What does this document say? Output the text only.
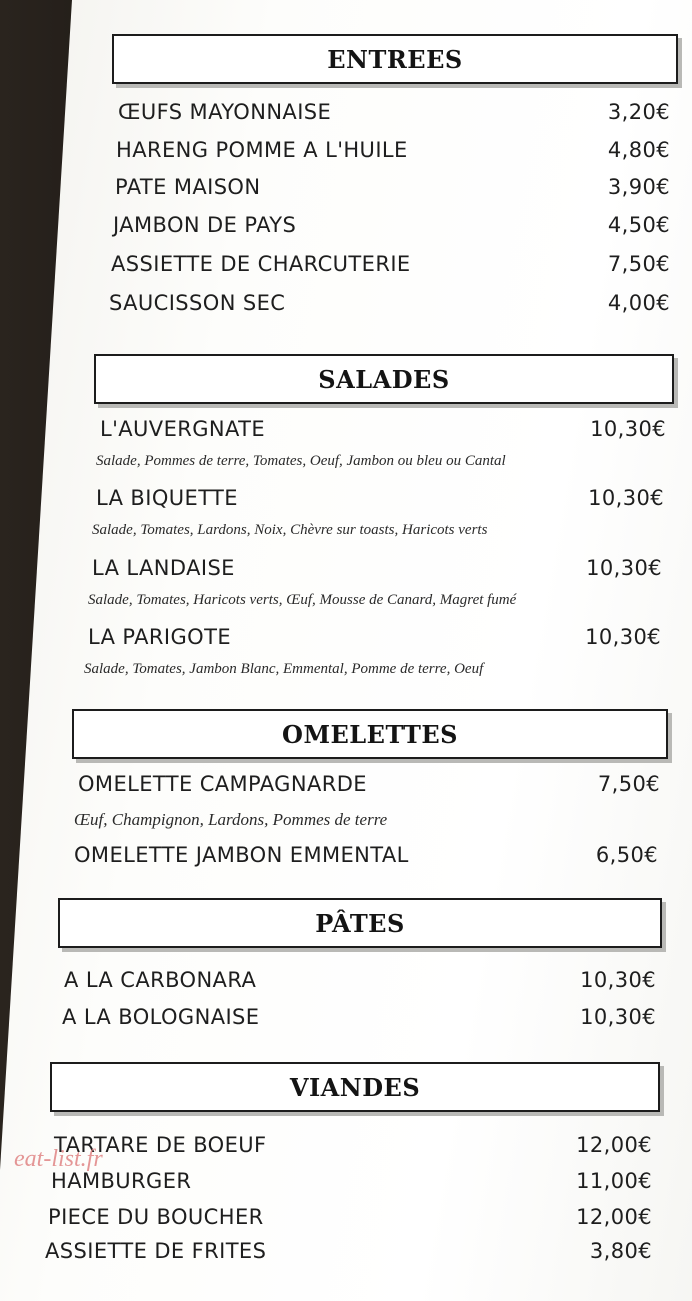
ENTREES
ŒUFS MAYONNAISE	3,20€
HARENG POMME A L'HUILE	4,80€
PATE MAISON	3,90€
JAMBON DE PAYS	4,50€
ASSIETTE DE CHARCUTERIE	7,50€
SAUCISSON SEC	4,00€
SALADES
L'AUVERGNATE	10,30€
Salade, Pommes de terre, Tomates, Oeuf, Jambon ou bleu ou Cantal
LA BIQUETTE	10,30€
Salade, Tomates, Lardons, Noix, Chèvre sur toasts, Haricots verts
LA LANDAISE	10,30€
Salade, Tomates, Haricots verts, Œuf, Mousse de Canard, Magret fumé
LA PARIGOTE	10,30€
Salade, Tomates, Jambon Blanc, Emmental, Pomme de terre, Oeuf
OMELETTES
OMELETTE CAMPAGNARDE	7,50€
Œuf, Champignon, Lardons, Pommes de terre
OMELETTE JAMBON EMMENTAL	6,50€
PÂTES
A LA CARBONARA	10,30€
A LA BOLOGNAISE	10,30€
VIANDES
TARTARE DE BOEUF	12,00€
HAMBURGER	11,00€
PIECE DU BOUCHER	12,00€
ASSIETTE DE FRITES	3,80€
eat-list.fr
